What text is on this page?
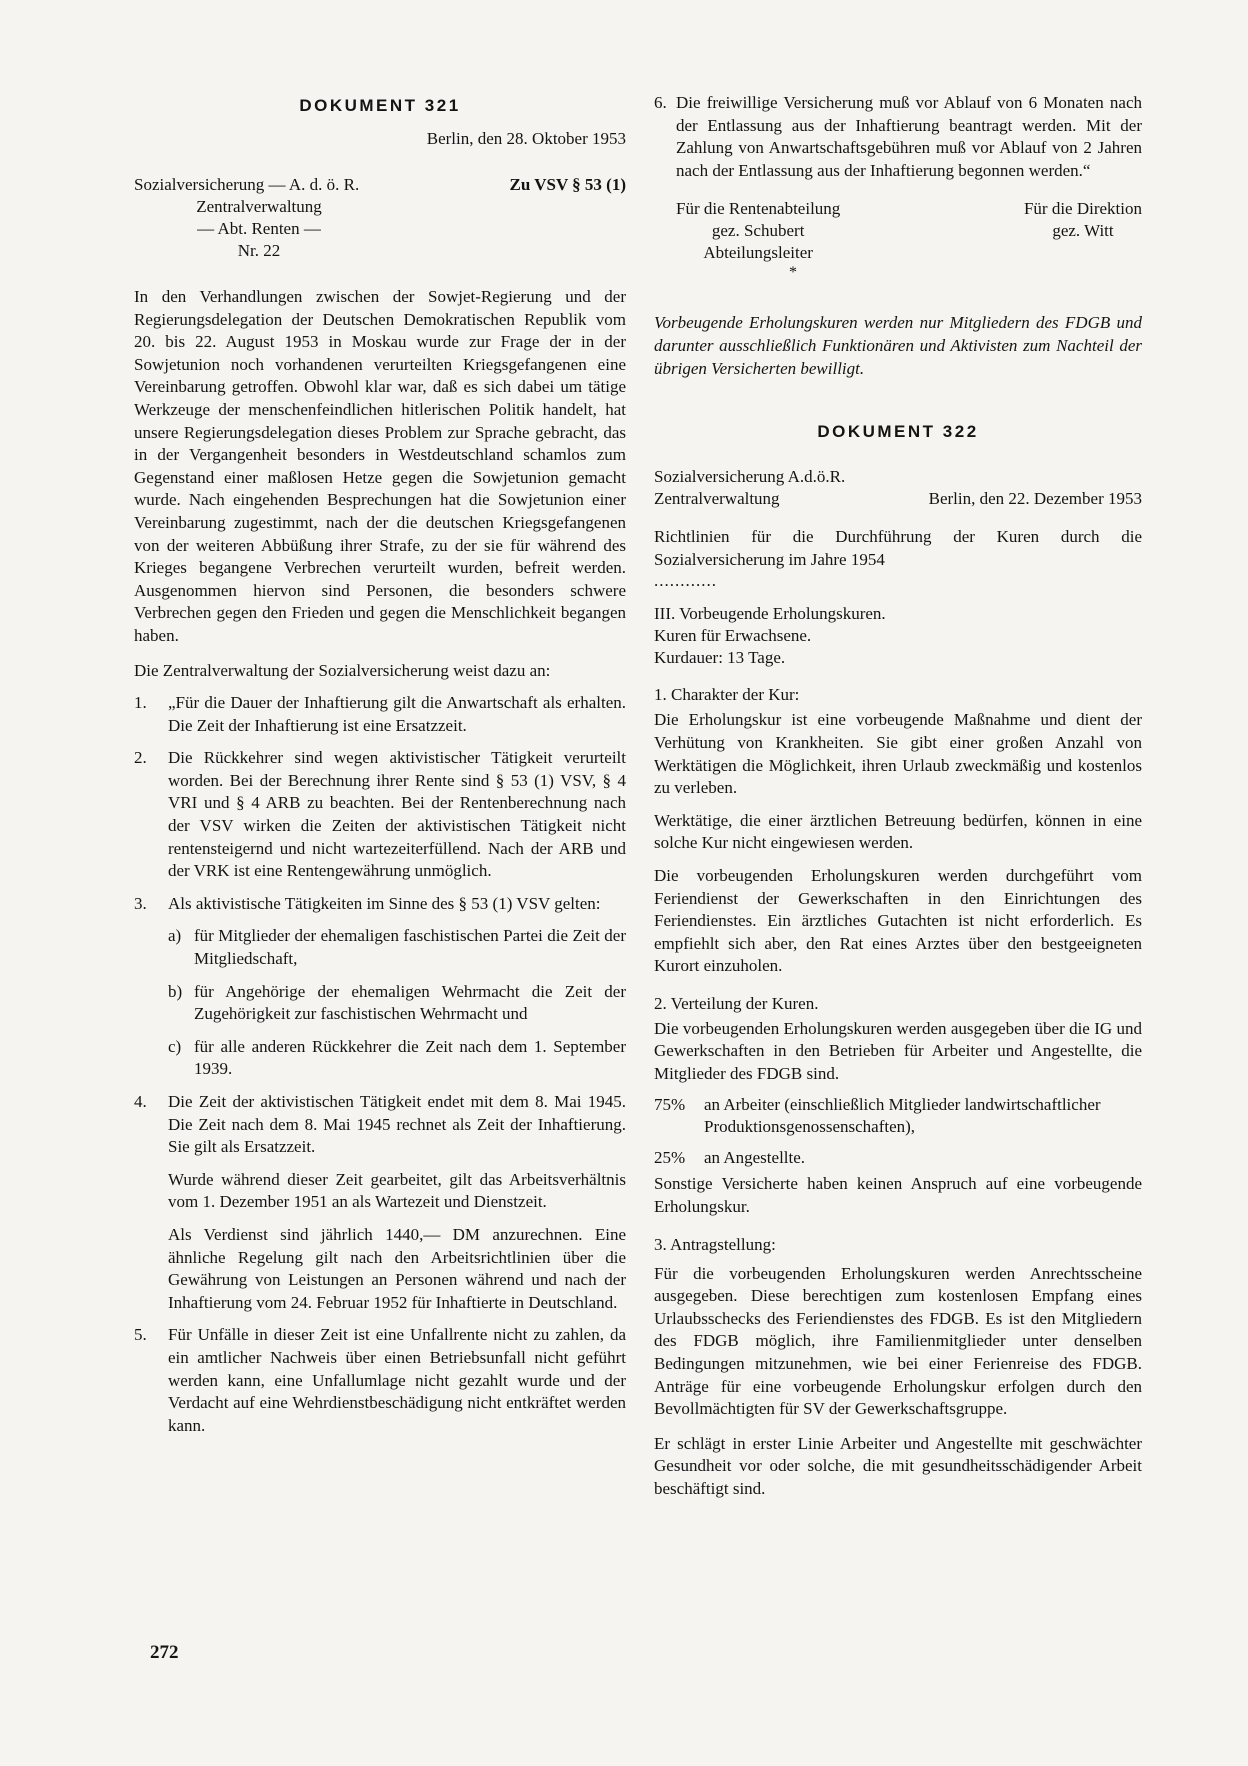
DOKUMENT 321
Berlin, den 28. Oktober 1953
Sozialversicherung — A. d. ö. R.	Zu VSV § 53 (1)
Zentralverwaltung
— Abt. Renten —
Nr. 22

In den Verhandlungen zwischen der Sowjet-Regierung und der Regierungsdelegation der Deutschen Demokratischen Republik vom 20. bis 22. August 1953 in Moskau wurde zur Frage der in der Sowjetunion noch vorhandenen verurteilten Kriegsgefangenen eine Vereinbarung getroffen. Obwohl klar war, daß es sich dabei um tätige Werkzeuge der menschenfeindlichen hitlerischen Politik handelt, hat unsere Regierungsdelegation dieses Problem zur Sprache gebracht, das in der Vergangenheit besonders in Westdeutschland schamlos zum Gegenstand einer maßlosen Hetze gegen die Sowjetunion gemacht wurde. Nach eingehenden Besprechungen hat die Sowjetunion einer Vereinbarung zugestimmt, nach der die deutschen Kriegsgefangenen von der weiteren Abbüßung ihrer Strafe, zu der sie für während des Krieges begangene Verbrechen verurteilt wurden, befreit werden. Ausgenommen hiervon sind Personen, die besonders schwere Verbrechen gegen den Frieden und gegen die Menschlichkeit begangen haben.

Die Zentralverwaltung der Sozialversicherung weist dazu an:

1. „Für die Dauer der Inhaftierung gilt die Anwartschaft als erhalten. Die Zeit der Inhaftierung ist eine Ersatzzeit.
2. Die Rückkehrer sind wegen aktivistischer Tätigkeit verurteilt worden. Bei der Berechnung ihrer Rente sind § 53 (1) VSV, § 4 VRI und § 4 ARB zu beachten. Bei der Rentenberechnung nach der VSV wirken die Zeiten der aktivistischen Tätigkeit nicht rentensteigernd und nicht wartezeiterfüllend. Nach der ARB und der VRK ist eine Rentengewährung unmöglich.
3. Als aktivistische Tätigkeiten im Sinne des § 53 (1) VSV gelten:
a) für Mitglieder der ehemaligen faschistischen Partei die Zeit der Mitgliedschaft,
b) für Angehörige der ehemaligen Wehrmacht die Zeit der Zugehörigkeit zur faschistischen Wehrmacht und
c) für alle anderen Rückkehrer die Zeit nach dem 1. September 1939.
4. Die Zeit der aktivistischen Tätigkeit endet mit dem 8. Mai 1945. Die Zeit nach dem 8. Mai 1945 rechnet als Zeit der Inhaftierung. Sie gilt als Ersatzzeit.

Wurde während dieser Zeit gearbeitet, gilt das Arbeitsverhältnis vom 1. Dezember 1951 an als Wartezeit und Dienstzeit.

Als Verdienst sind jährlich 1440,— DM anzurechnen. Eine ähnliche Regelung gilt nach den Arbeitsrichtlinien über die Gewährung von Leistungen an Personen während und nach der Inhaftierung vom 24. Februar 1952 für Inhaftierte in Deutschland.

5. Für Unfälle in dieser Zeit ist eine Unfallrente nicht zu zahlen, da ein amtlicher Nachweis über einen Betriebsunfall nicht geführt werden kann, eine Unfallumlage nicht gezahlt wurde und der Verdacht auf eine Wehrdienstbeschädigung nicht entkräftet werden kann.
6. Die freiwillige Versicherung muß vor Ablauf von 6 Monaten nach der Entlassung aus der Inhaftierung beantragt werden. Mit der Zahlung von Anwartschaftsgebühren muß vor Ablauf von 2 Jahren nach der Entlassung aus der Inhaftierung begonnen werden.“
Für die Rentenabteilung
gez. Schubert
Abteilungsleiter
Für die Direktion
gez. Witt
*

Vorbeugende Erholungskuren werden nur Mitgliedern des FDGB und darunter ausschließlich Funktionären und Aktivisten zum Nachteil der übrigen Versicherten bewilligt.

DOKUMENT 322
Sozialversicherung A.d.ö.R.
Zentralverwaltung	Berlin, den 22. Dezember 1953

Richtlinien für die Durchführung der Kuren durch die Sozialversicherung im Jahre 1954

............
III. Vorbeugende Erholungskuren.
Kuren für Erwachsene.
Kurdauer: 13 Tage.
1. Charakter der Kur:

Die Erholungskur ist eine vorbeugende Maßnahme und dient der Verhütung von Krankheiten. Sie gibt einer großen Anzahl von Werktätigen die Möglichkeit, ihren Urlaub zweckmäßig und kostenlos zu verleben.

Werktätige, die einer ärztlichen Betreuung bedürfen, können in eine solche Kur nicht eingewiesen werden.

Die vorbeugenden Erholungskuren werden durchgeführt vom Feriendienst der Gewerkschaften in den Einrichtungen des Feriendienstes. Ein ärztliches Gutachten ist nicht erforderlich. Es empfiehlt sich aber, den Rat eines Arztes über den bestgeeigneten Kurort einzuholen.

2. Verteilung der Kuren.

Die vorbeugenden Erholungskuren werden ausgegeben über die IG und Gewerkschaften in den Betrieben für Arbeiter und Angestellte, die Mitglieder des FDGB sind.

75% an Arbeiter (einschließlich Mitglieder landwirtschaftlicher Produktionsgenossenschaften),
25% an Angestellte.

Sonstige Versicherte haben keinen Anspruch auf eine vorbeugende Erholungskur.

3. Antragstellung:

Für die vorbeugenden Erholungskuren werden Anrechtsscheine ausgegeben. Diese berechtigen zum kostenlosen Empfang eines Urlaubsschecks des Feriendienstes des FDGB. Es ist den Mitgliedern des FDGB möglich, ihre Familienmitglieder unter denselben Bedingungen mitzunehmen, wie bei einer Ferienreise des FDGB. Anträge für eine vorbeugende Erholungskur erfolgen durch den Bevollmächtigten für SV der Gewerkschaftsgruppe.

Er schlägt in erster Linie Arbeiter und Angestellte mit geschwächter Gesundheit vor oder solche, die mit gesundheitsschädigender Arbeit beschäftigt sind.

272
